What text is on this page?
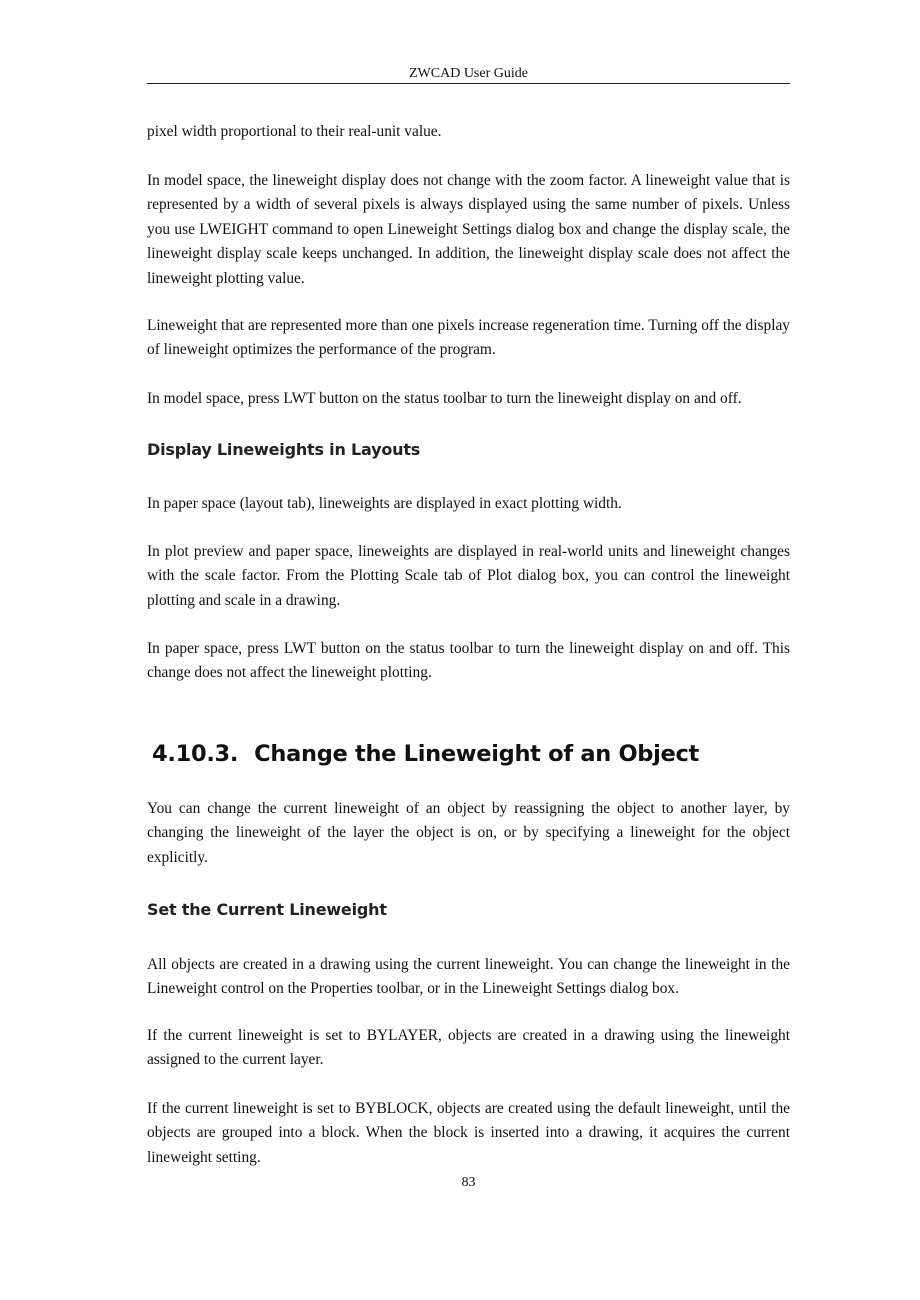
ZWCAD User Guide

pixel width proportional to their real-unit value.

In model space, the lineweight display does not change with the zoom factor. A lineweight value that is represented by a width of several pixels is always displayed using the same number of pixels. Unless you use LWEIGHT command to open Lineweight Settings dialog box and change the display scale, the lineweight display scale keeps unchanged. In addition, the lineweight display scale does not affect the lineweight plotting value.

Lineweight that are represented more than one pixels increase regeneration time. Turning off the display of lineweight optimizes the performance of the program.

In model space, press LWT button on the status toolbar to turn the lineweight display on and off.

Display Lineweights in Layouts

In paper space (layout tab), lineweights are displayed in exact plotting width.

In plot preview and paper space, lineweights are displayed in real-world units and lineweight changes with the scale factor. From the Plotting Scale tab of Plot dialog box, you can control the lineweight plotting and scale in a drawing.

In paper space, press LWT button on the status toolbar to turn the lineweight display on and off. This change does not affect the lineweight plotting.

4.10.3. Change the Lineweight of an Object

You can change the current lineweight of an object by reassigning the object to another layer, by changing the lineweight of the layer the object is on, or by specifying a lineweight for the object explicitly.

Set the Current Lineweight

All objects are created in a drawing using the current lineweight. You can change the lineweight in the Lineweight control on the Properties toolbar, or in the Lineweight Settings dialog box.

If the current lineweight is set to BYLAYER, objects are created in a drawing using the lineweight assigned to the current layer.

If the current lineweight is set to BYBLOCK, objects are created using the default lineweight, until the objects are grouped into a block. When the block is inserted into a drawing, it acquires the current lineweight setting.

83
